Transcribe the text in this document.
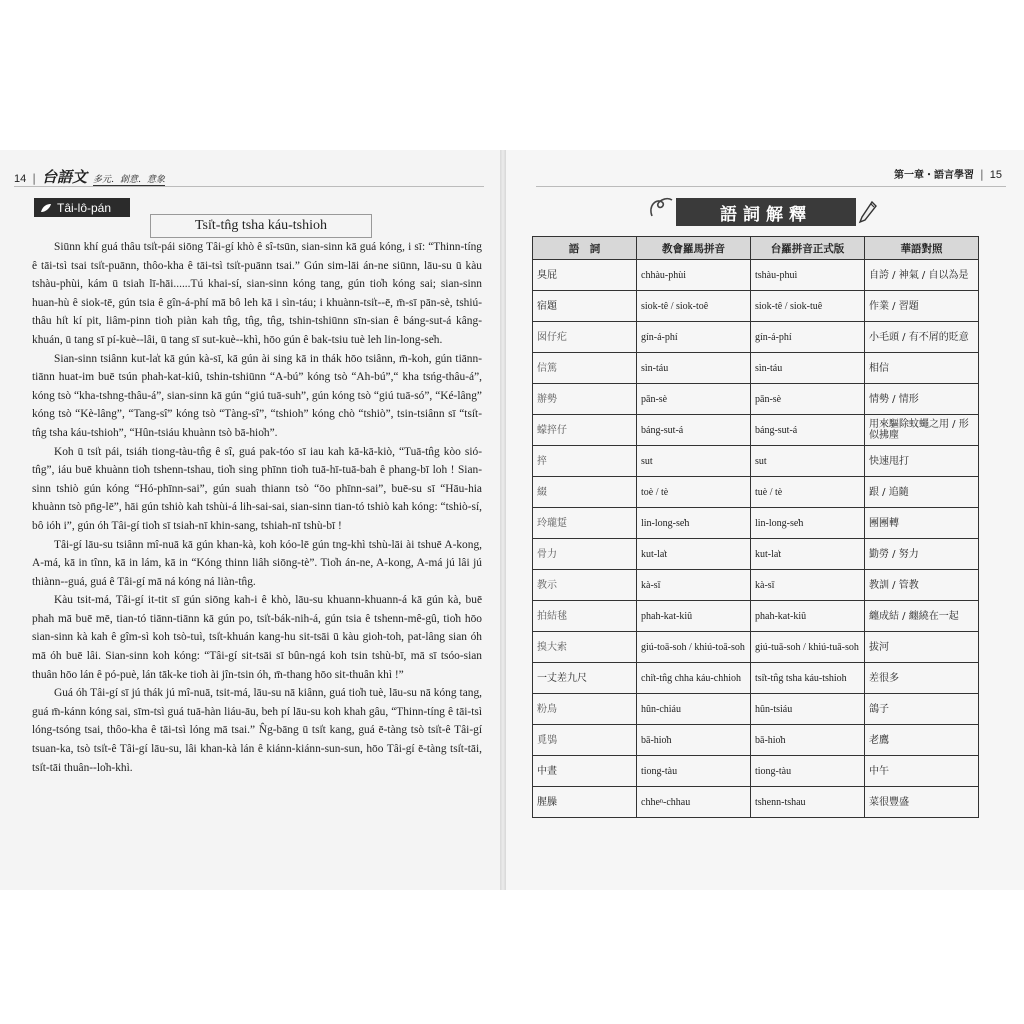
14 | 台語文 多元．創意．意象
Tâi-lô-pán
Tsi̍t-tn̂g tsha káu-tshioh

Siūnn khí guá thâu tsi̍t-pái siōng Tâi-gí khò ê sî-tsūn, sian-sinn kā guá kóng, i sī: “Thinn-tíng ê tāi-tsì tsai tsi̍t-puānn, thôo-kha ê tāi-tsì tsi̍t-puānn tsai.” Gún sim-lāi án-ne siūnn, lāu-su ū kàu tshàu-phùi, kám ū tsiah lī-hāi......Tú khai-sí, sian-sinn kóng tang, gún tio̍h kóng sai; sian-sinn huan-hù ê siok-tē, gún tsia ê gîn-á-phí mā bô leh kā i sìn-táu; i khuànn-tsi̍t--ē, m̄-sī pān-sè, tshiú-thâu hi̍t kí pit, liâm-pinn tio̍h piàn kah tn̂g, tn̂g, tn̂g, tshin-tshiūnn sīn-sian ê báng-sut-á kâng-khuán, ū tang sī pí-kuè--lâi, ū tang sī sut-kuè--khì, hōo gún ê bak-tsiu tuè leh lin-long-se̍h.

Sian-sinn tsiânn kut-la̍t kā gún kà-sī, kā gún ài sing kā in thák hōo tsiânn, m̄-koh, gún tiānn-tiānn huat-im buē tsún phah-kat-kiû, tshin-tshiūnn “A-bú” kóng tsò “Ah-bú”,“ kha tsńg-thâu-á”, kóng tsò “kha-tshng-thâu-á”, sian-sinn kā gún “giú tuā-suh”, gún kóng tsò “giú tuā-só”, “Ké-lâng” kóng tsò “Kè-lâng”, “Tang-sî” kóng tsò “Tàng-sî”, “tshioh” kóng chò “tshiò”, tsin-tsiânn sī “tsi̍t-tn̂g tsha káu-tshioh”, “Hûn-tsiáu khuànn tsò bā-hio̍h”.

Koh ū tsi̍t pái, tsiáh tiong-tàu-tn̂g ê sî, guá pak-tóo sī iau kah kā-kā-kiò, “Tuā-tn̂g kòo sió-tn̂g”, iáu buē khuànn tio̍h tshenn-tshau, tio̍h sing phīnn tio̍h tuā-hī-tuā-bah ê phang-bī loh ! Sian-sinn tshiò gún kóng “Hó-phīnn-sai”, gún suah thiann tsò “ōo phīnn-sai”, buē-su sī “Hāu-hia khuànn tsò pn̄g-lē”, hāi gún tshiò kah tshùi-á lih-sai-sai, sian-sinn tian-tó tshiò kah kóng: “tshiò-sí, bô ióh i”, gún óh Tâi-gí tio̍h sī tsiah-nī khin-sang, tshiah-nī tshù-bī !

Tâi-gí lāu-su tsiânn mî-nuā kā gún khan-kà, koh kóo-lē gún tng-khì tshù-lāi ài tshuē A-kong, A-má, kā in tînn, kā in lám, kā in “Kóng thinn liâh siōng-tè”. Tio̍h án-ne, A-kong, A-má jú lâi jú thiànn--guá, guá ê Tâi-gí mā ná kóng ná liàn-tn̂g.

Kàu tsit-má, Tâi-gí it-tit sī gún siōng kah-i ê khò, lāu-su khuann-khuann-á kā gún kà, buē phah mā buē mē, tian-tó tiānn-tiānn kā gún po, tsi̍t-bák-nih-á, gún tsia ê tshenn-mê-gû, tio̍h hōo sian-sinn kà kah ê gîm-sì koh tsò-tuì, tsi̍t-khuán kang-hu sit-tsāi ū kàu gioh-toh, pat-lâng sian óh mā óh buē lâi. Sian-sinn koh kóng: “Tâi-gí sit-tsāi sī bûn-ngá koh tsin tshù-bī, mā sī tsóo-sian thuân hōo lán ê pó-puè, lán tāk-ke tio̍h ài jîn-tsin óh, m̄-thang hōo sit-thuân khì !”

Guá óh Tâi-gí sī jú thák jú mî-nuā, tsit-má, lāu-su nā kiânn, guá tio̍h tuè, lāu-su nā kóng tang, guá m̄-kánn kóng sai, sīm-tsì guá tuā-hàn liáu-āu, beh pí lāu-su koh khah gâu, “Thinn-tíng ê tāi-tsì lóng-tsóng tsai, thôo-kha ê tāi-tsì lóng mā tsai.” N̂g-bāng ū tsi̍t kang, guá ē-tàng tsò tsi̍t-ê Tâi-gí tsuan-ka, tsò tsi̍t-ê Tâi-gí lāu-su, lâi khan-kà lán ê kiánn-kiánn-sun-sun, hōo Tâi-gí ē-tàng tsi̍t-tāi, tsi̍t-tāi thuân--lo̍h-khì.

第一章・語言學習 | 15
語詞解釋
語　詞	教會羅馬拼音	台羅拼音正式版	華語對照
臭屁	chhàu-phùi	tshàu-phuì	自誇 / 神氣 / 自以為是
宿題	siok-tê / siok-toê	siok-tê / siok-tuê	作業 / 習題
囡仔疕	gín-á-phí	gín-á-phí	小毛頭 / 有不屑的貶意
信篤	sìn-táu	sìn-táu	相信
辦勢	pān-sè	pān-sè	情勢 / 情形
蠓捽仔	báng-sut-á	báng-sut-á	用來驅除蚊蠅之用 / 形似拂塵
捽	sut	sut	快速甩打
綴	toè / tè	tuè / tè	跟 / 追隨
玲瓏踅	lin-long-se̍h	lin-long-se̍h	團團轉
骨力	kut-la̍t	kut-la̍t	勤勞 / 努力
教示	kà-sī	kà-sī	教訓 / 管教
拍結毬	phah-kat-kiû	phah-kat-kiû	纏成結 / 纏繞在一起
搝大索	giú-toā-soh / khiú-toā-soh	giú-tuā-soh / khiú-tuā-soh	拔河
一丈差九尺	chi̍t-tn̂g chha káu-chhioh	tsi̍t-tn̂g tsha káu-tshioh	差很多
粉鳥	hûn-chiáu	hûn-tsiáu	鴿子
覓鴞	bā-hio̍h	bā-hio̍h	老鷹
中晝	tiong-tàu	tiong-tàu	中午
腥臊	chheⁿ-chhau	tshenn-tshau	菜很豐盛
